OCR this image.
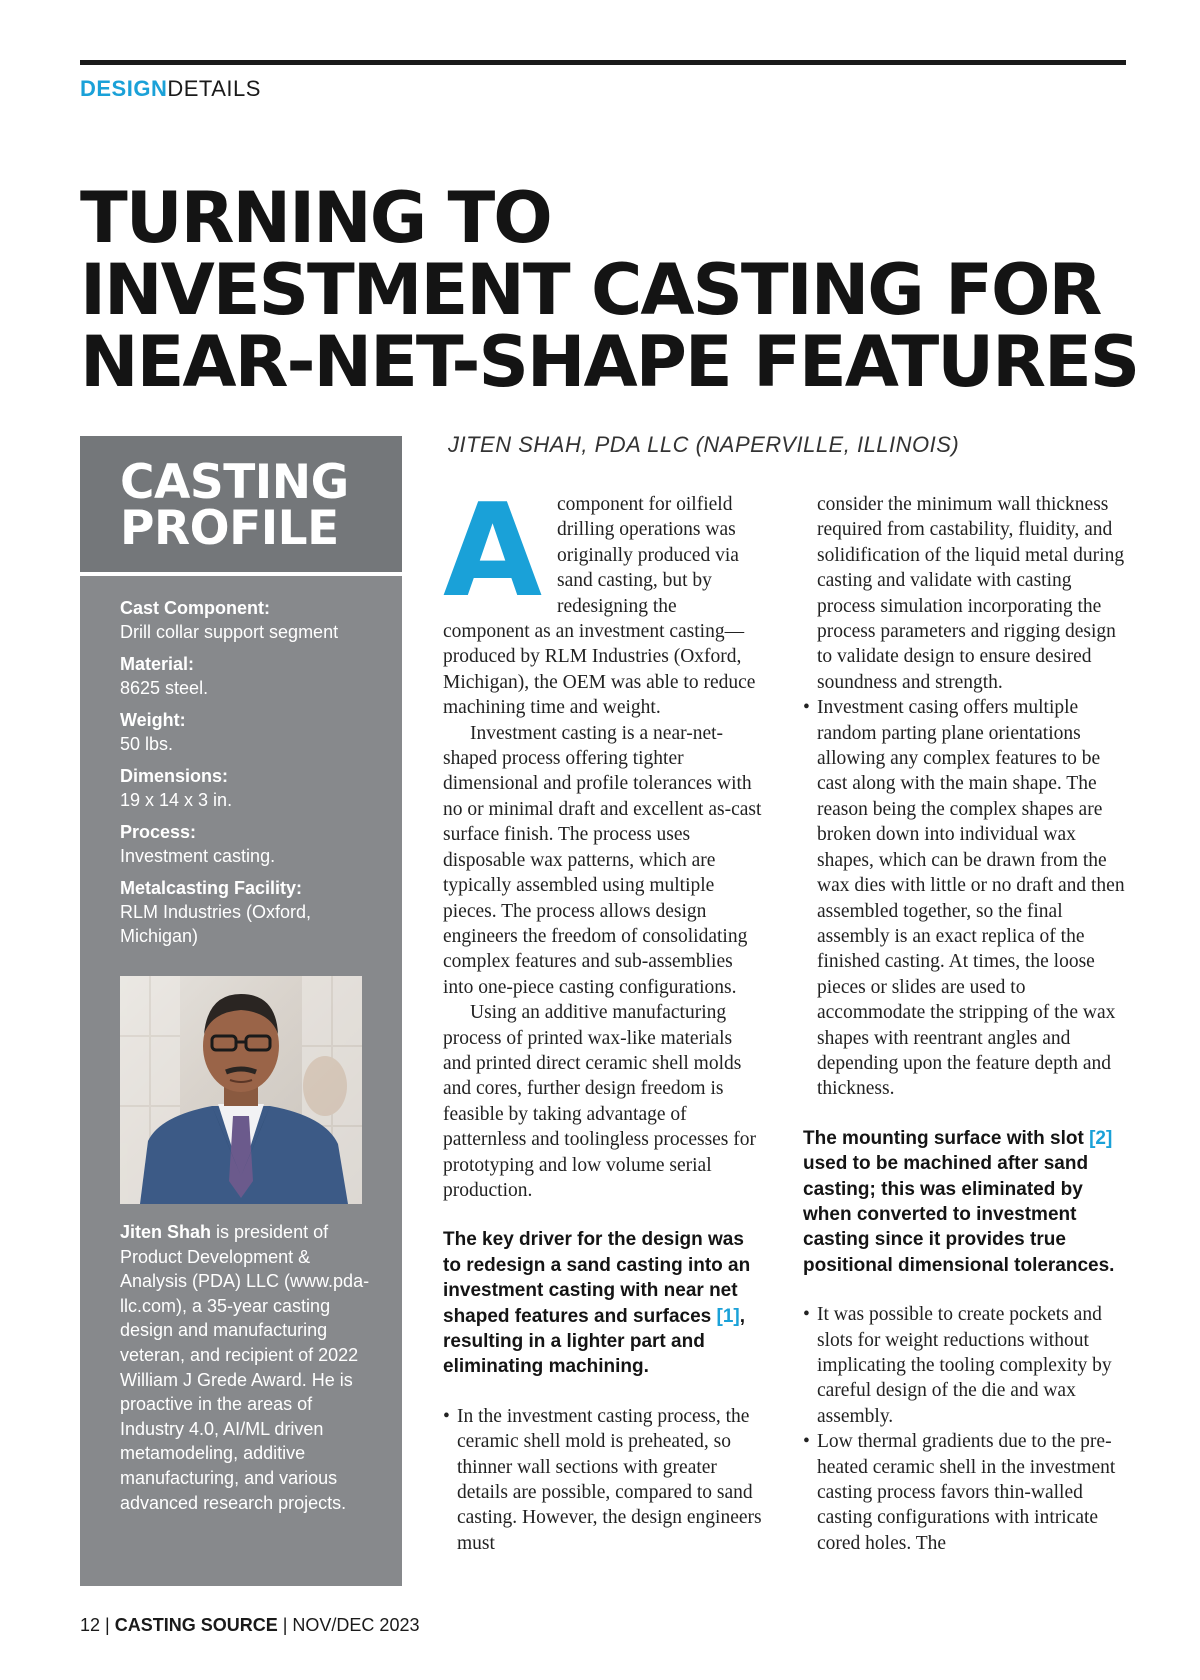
DESIGNDETAILS
TURNING TO
INVESTMENT CASTING FOR
NEAR-NET-SHAPE FEATURES
JITEN SHAH, PDA LLC (NAPERVILLE, ILLINOIS)
CASTING
PROFILE
Cast Component:
Drill collar support segment
Material:
8625 steel.
Weight:
50 lbs.
Dimensions:
19 x 14 x 3 in.
Process:
Investment casting.
Metalcasting Facility:
RLM Industries (Oxford, Michigan)
Jiten Shah is president of Product Development & Analysis (PDA) LLC (www.pda-llc.com), a 35-year casting design and manufacturing veteran, and recipient of 2022 William J Grede Award. He is proactive in the areas of Industry 4.0, AI/ML driven metamodeling, additive manufacturing, and various advanced research projects.
A component for oilfield drilling operations was originally produced via sand casting, but by redesigning the component as an investment casting—produced by RLM Industries (Oxford, Michigan), the OEM was able to reduce machining time and weight.

Investment casting is a near-net-shaped process offering tighter dimensional and profile tolerances with no or minimal draft and excellent as-cast surface finish. The process uses disposable wax patterns, which are typically assembled using multiple pieces. The process allows design engineers the freedom of consolidating complex features and sub-assemblies into one-piece casting configurations.

Using an additive manufacturing process of printed wax-like materials and printed direct ceramic shell molds and cores, further design freedom is feasible by taking advantage of patternless and toolingless processes for prototyping and low volume serial production.

The key driver for the design was to redesign a sand casting into an investment casting with near net shaped features and surfaces [1], resulting in a lighter part and eliminating machining.

• In the investment casting process, the ceramic shell mold is preheated, so thinner wall sections with greater details are possible, compared to sand casting. However, the design engineers must

consider the minimum wall thickness required from castability, fluidity, and solidification of the liquid metal during casting and validate with casting process simulation incorporating the process parameters and rigging design to validate design to ensure desired soundness and strength.

• Investment casing offers multiple random parting plane orientations allowing any complex features to be cast along with the main shape. The reason being the complex shapes are broken down into individual wax shapes, which can be drawn from the wax dies with little or no draft and then assembled together, so the final assembly is an exact replica of the finished casting. At times, the loose pieces or slides are used to accommodate the stripping of the wax shapes with reentrant angles and depending upon the feature depth and thickness.

The mounting surface with slot [2] used to be machined after sand casting; this was eliminated by when converted to investment casting since it provides true positional dimensional tolerances.

• It was possible to create pockets and slots for weight reductions without implicating the tooling complexity by careful design of the die and wax assembly.
• Low thermal gradients due to the pre-heated ceramic shell in the investment casting process favors thin-walled casting configurations with intricate cored holes. The
12 | CASTING SOURCE | NOV/DEC 2023
